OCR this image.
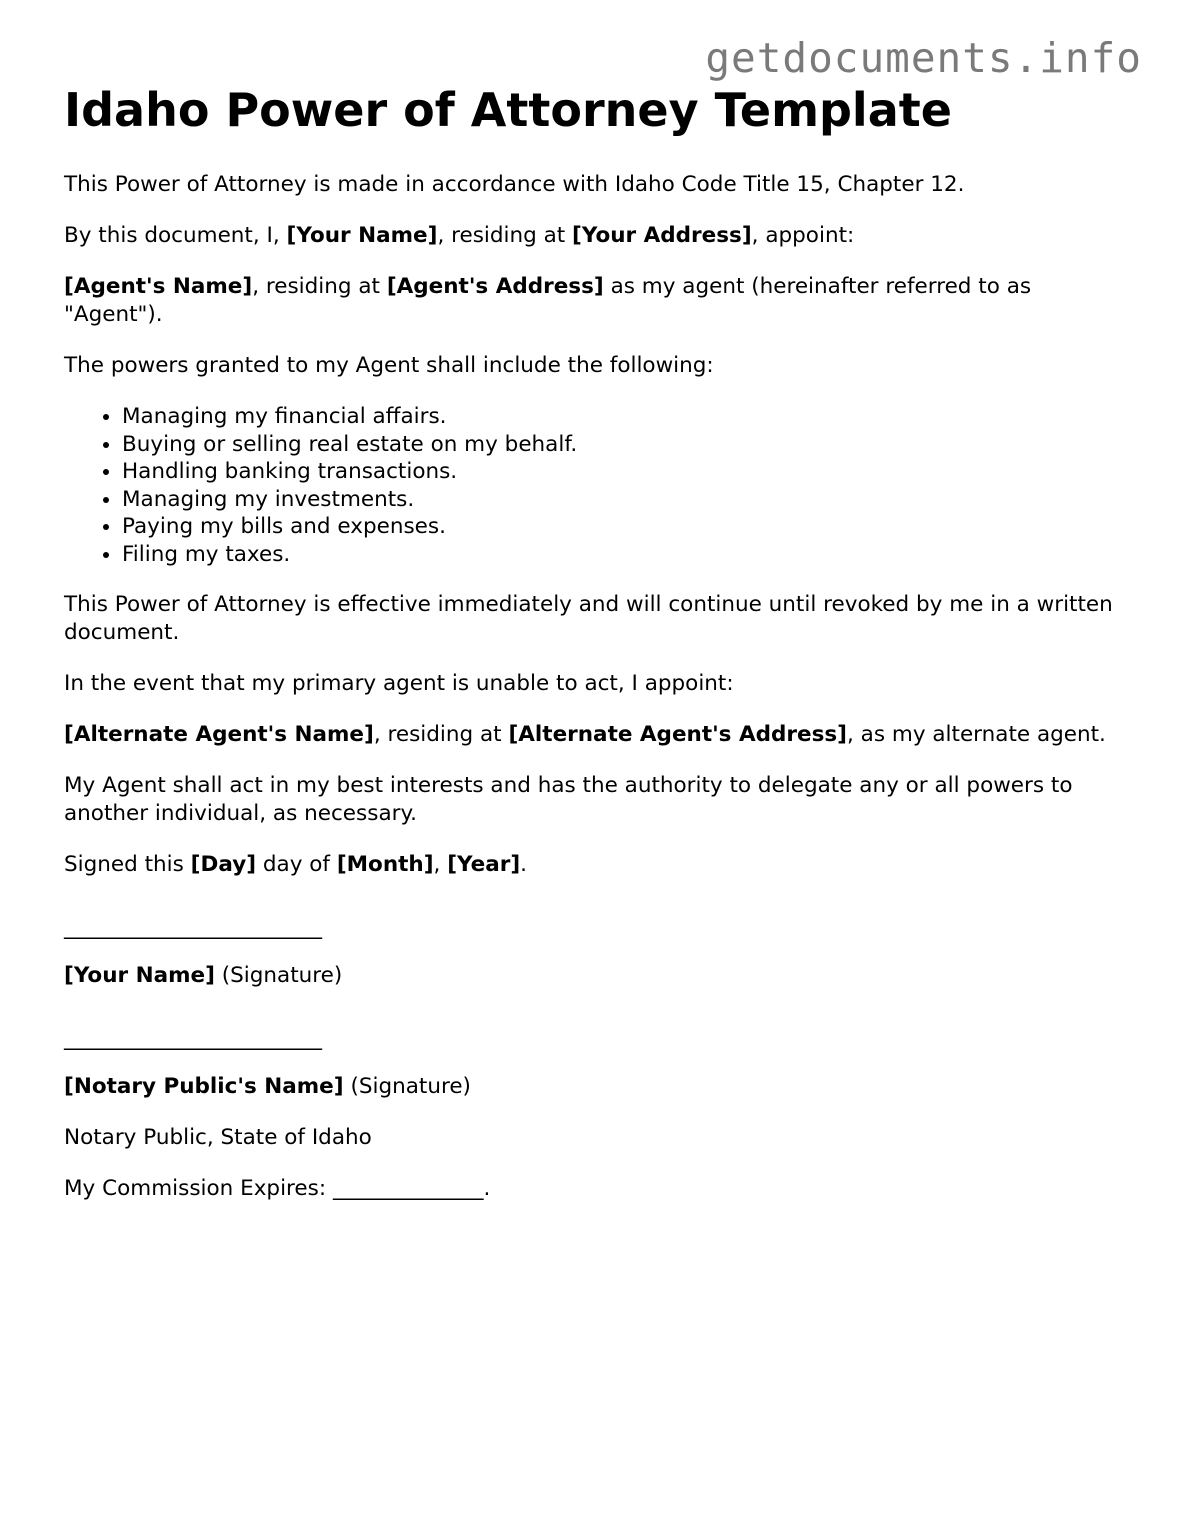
getdocuments.info
Idaho Power of Attorney Template

This Power of Attorney is made in accordance with Idaho Code Title 15, Chapter 12.

By this document, I, [Your Name], residing at [Your Address], appoint:

[Agent's Name], residing at [Agent's Address] as my agent (hereinafter referred to as "Agent").

The powers granted to my Agent shall include the following:

• Managing my financial affairs.
• Buying or selling real estate on my behalf.
• Handling banking transactions.
• Managing my investments.
• Paying my bills and expenses.
• Filing my taxes.

This Power of Attorney is effective immediately and will continue until revoked by me in a written document.

In the event that my primary agent is unable to act, I appoint:

[Alternate Agent's Name], residing at [Alternate Agent's Address], as my alternate agent.

My Agent shall act in my best interests and has the authority to delegate any or all powers to another individual, as necessary.

Signed this [Day] day of [Month], [Year].

________________________

[Your Name] (Signature)

________________________

[Notary Public's Name] (Signature)

Notary Public, State of Idaho

My Commission Expires: ______________.
